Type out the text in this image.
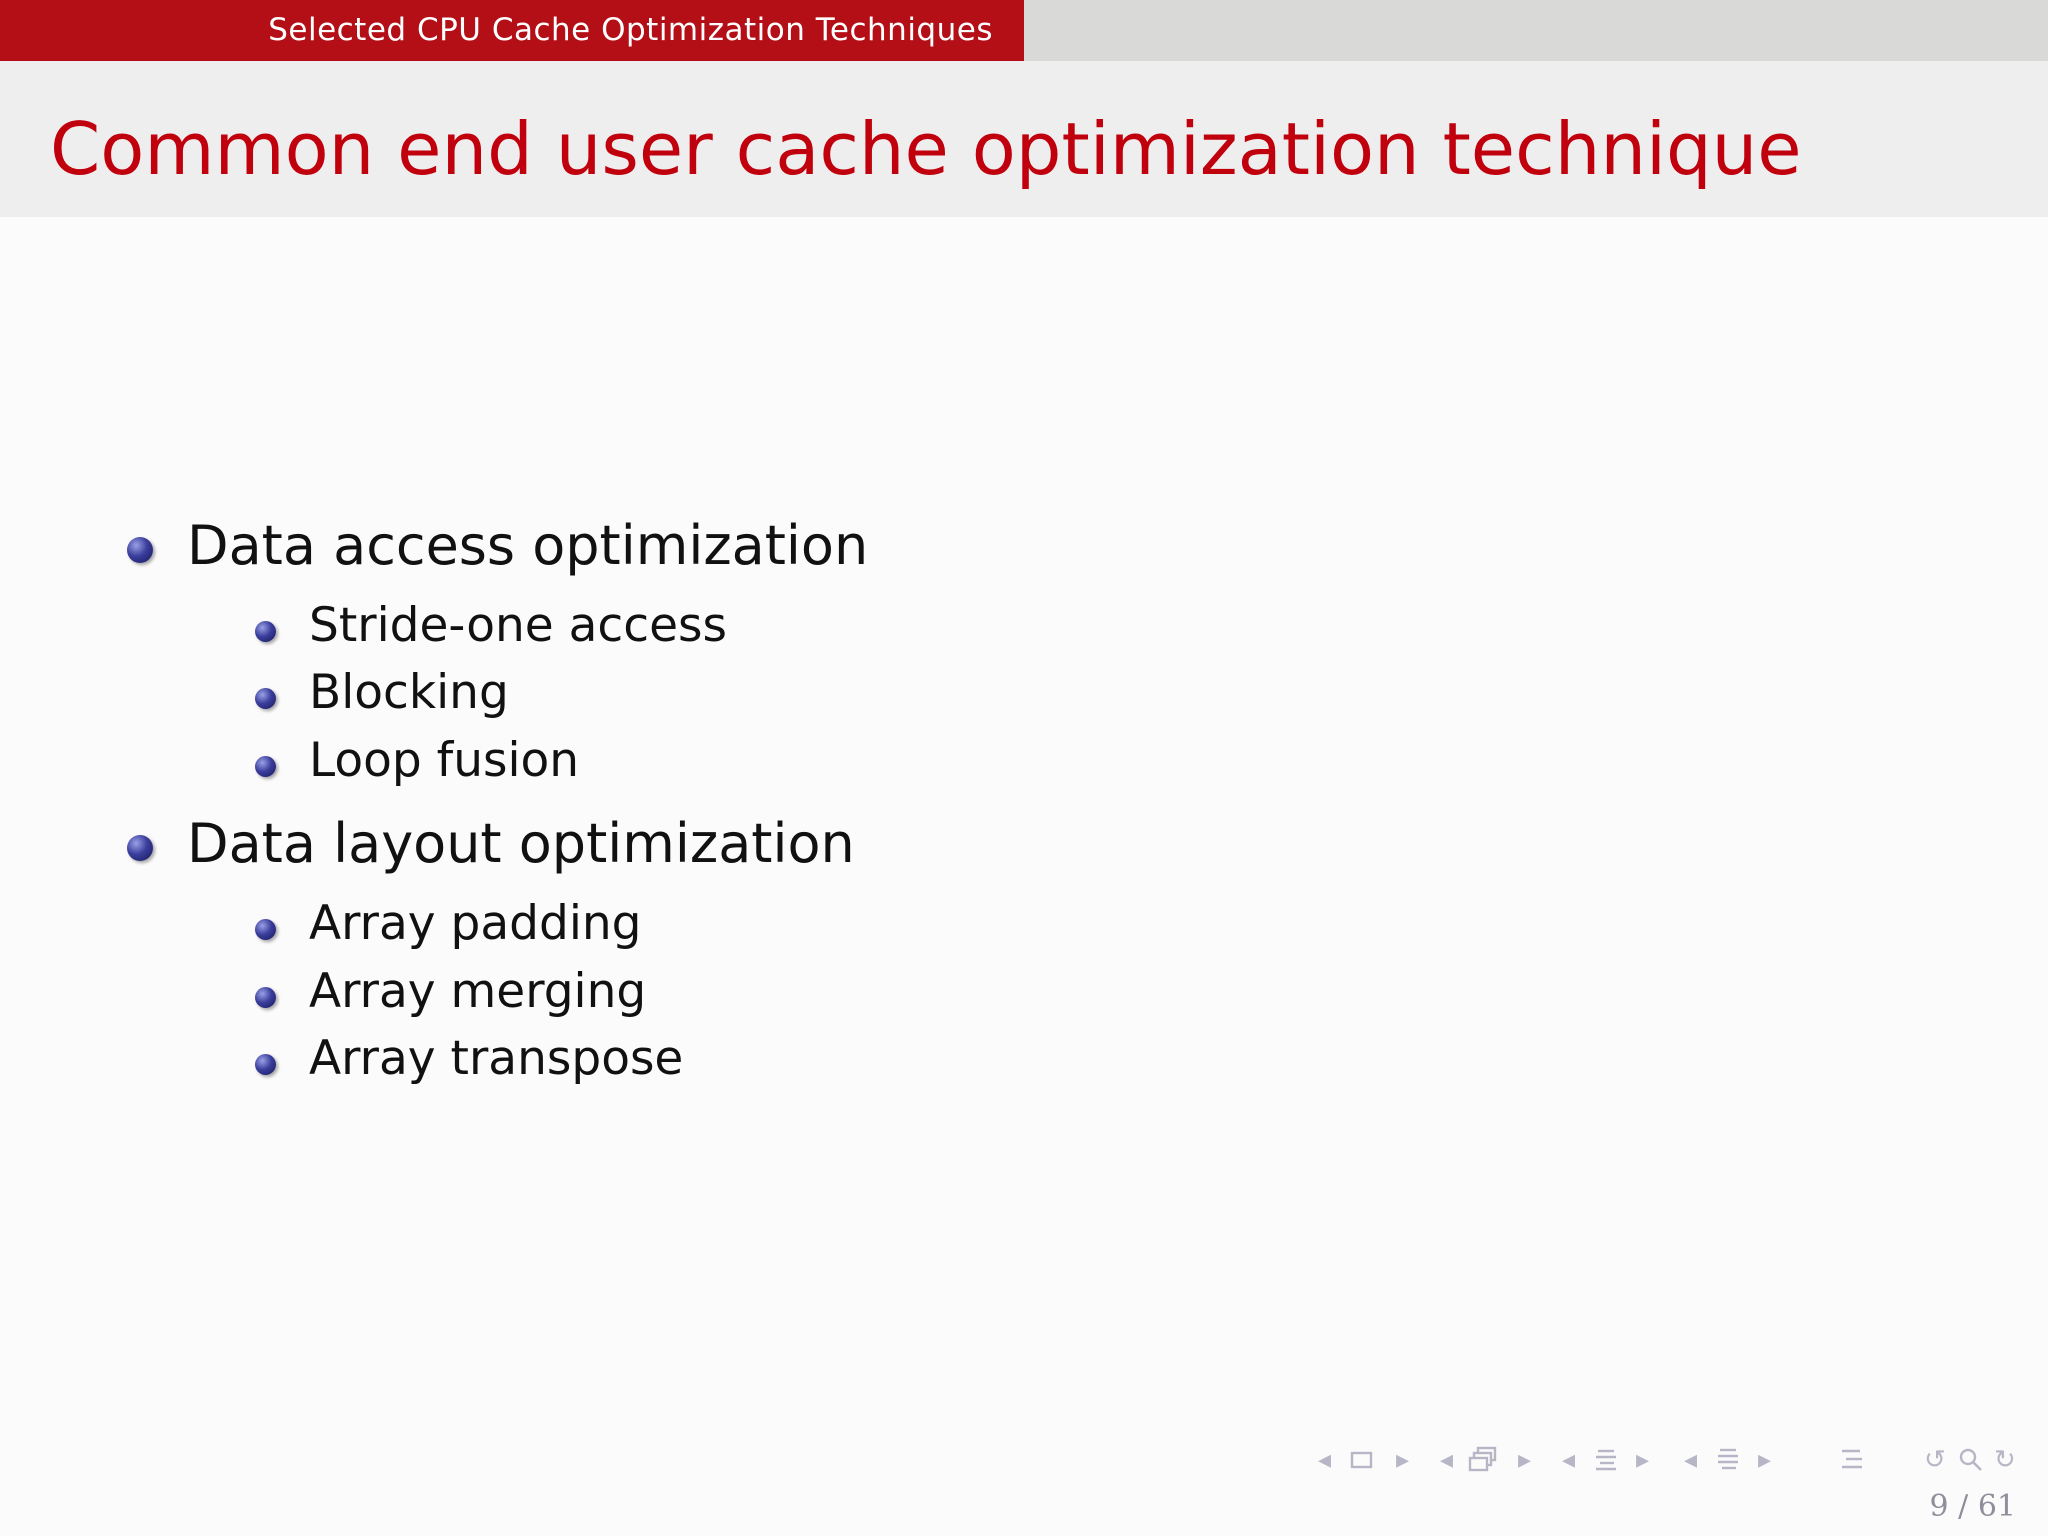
Selected CPU Cache Optimization Techniques
Common end user cache optimization technique
Data access optimization
Stride-one access
Blocking
Loop fusion
Data layout optimization
Array padding
Array merging
Array transpose
◂ ▸ ◂ ▸ ◂ ▸ ◂ ▸	↺ ↻
9 / 61
